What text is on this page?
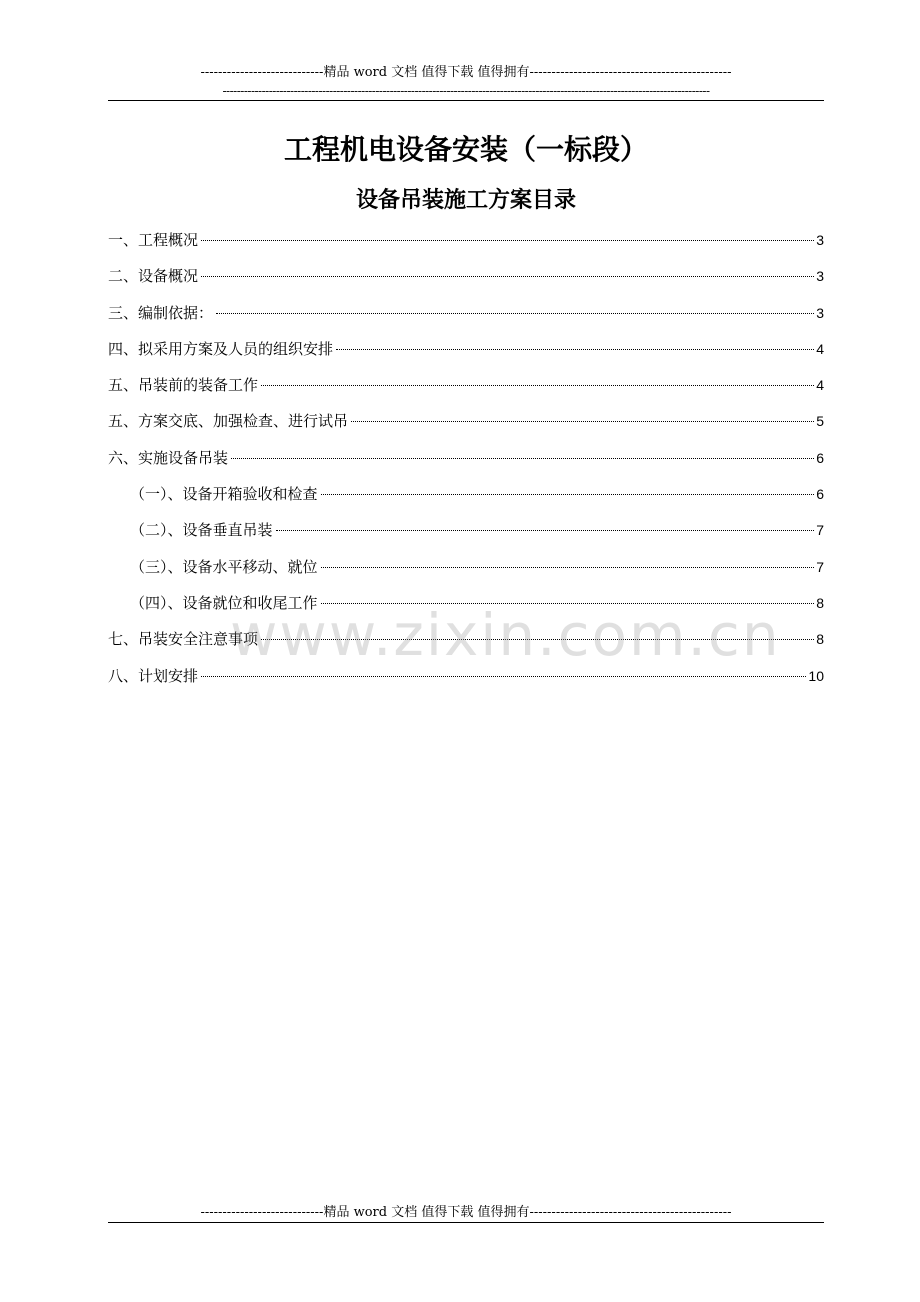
----------------------------精品 word 文档 值得下载 值得拥有----------------------------------------------
-----------------------------------------------------------------------------------------------------------------------------------------
工程机电设备安装（一标段）
设备吊装施工方案目录
一、工程概况	3
二、设备概况	3
三、编制依据：	3
四、拟采用方案及人员的组织安排	4
五、吊装前的装备工作	4
五、方案交底、加强检查、进行试吊	5
六、实施设备吊装	6
（一）、设备开箱验收和检查	6
（二）、设备垂直吊装	7
（三）、设备水平移动、就位	7
（四）、设备就位和收尾工作	8
七、吊装安全注意事项	8
八、计划安排	10
www.zixin.com.cn
----------------------------精品 word 文档 值得下载 值得拥有----------------------------------------------
